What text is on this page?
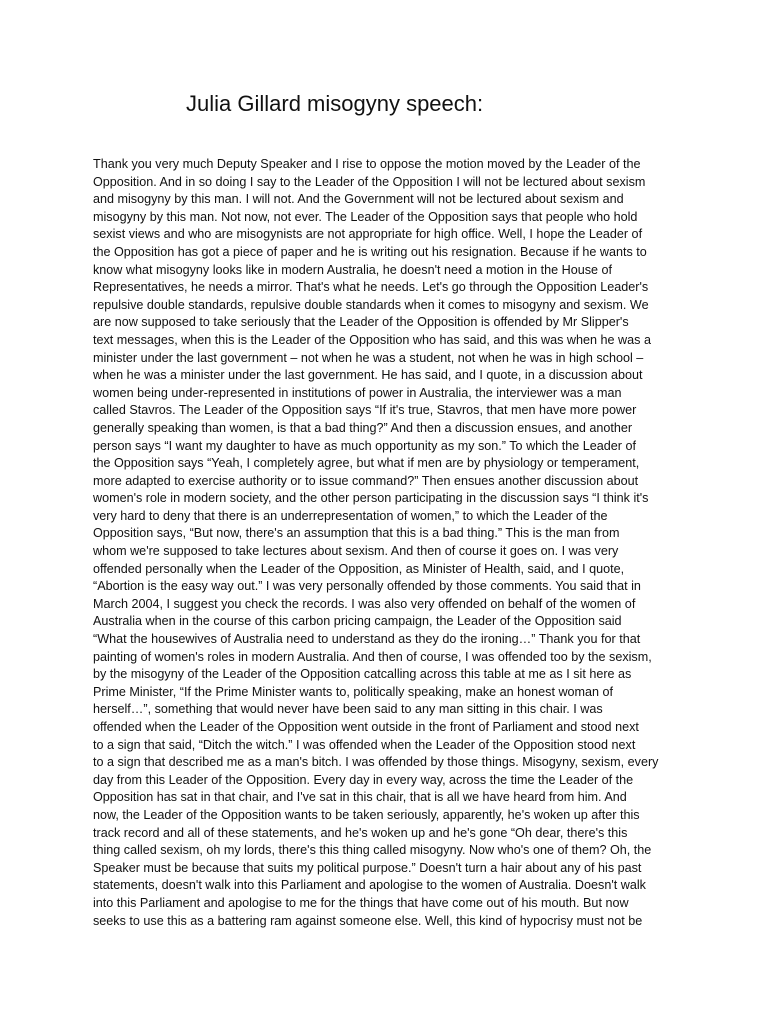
Julia Gillard misogyny speech:
Thank you very much Deputy Speaker and I rise to oppose the motion moved by the Leader of the
Opposition. And in so doing I say to the Leader of the Opposition I will not be lectured about sexism
and misogyny by this man. I will not. And the Government will not be lectured about sexism and
misogyny by this man. Not now, not ever. The Leader of the Opposition says that people who hold
sexist views and who are misogynists are not appropriate for high office. Well, I hope the Leader of
the Opposition has got a piece of paper and he is writing out his resignation. Because if he wants to
know what misogyny looks like in modern Australia, he doesn't need a motion in the House of
Representatives, he needs a mirror. That's what he needs. Let's go through the Opposition Leader's
repulsive double standards, repulsive double standards when it comes to misogyny and sexism. We
are now supposed to take seriously that the Leader of the Opposition is offended by Mr Slipper's
text messages, when this is the Leader of the Opposition who has said, and this was when he was a
minister under the last government – not when he was a student, not when he was in high school –
when he was a minister under the last government. He has said, and I quote, in a discussion about
women being under-represented in institutions of power in Australia, the interviewer was a man
called Stavros. The Leader of the Opposition says “If it's true, Stavros, that men have more power
generally speaking than women, is that a bad thing?” And then a discussion ensues, and another
person says “I want my daughter to have as much opportunity as my son.” To which the Leader of
the Opposition says “Yeah, I completely agree, but what if men are by physiology or temperament,
more adapted to exercise authority or to issue command?” Then ensues another discussion about
women's role in modern society, and the other person participating in the discussion says “I think it's
very hard to deny that there is an underrepresentation of women,” to which the Leader of the
Opposition says, “But now, there's an assumption that this is a bad thing.” This is the man from
whom we're supposed to take lectures about sexism. And then of course it goes on. I was very
offended personally when the Leader of the Opposition, as Minister of Health, said, and I quote,
“Abortion is the easy way out.” I was very personally offended by those comments. You said that in
March 2004, I suggest you check the records. I was also very offended on behalf of the women of
Australia when in the course of this carbon pricing campaign, the Leader of the Opposition said
“What the housewives of Australia need to understand as they do the ironing…” Thank you for that
painting of women's roles in modern Australia. And then of course, I was offended too by the sexism,
by the misogyny of the Leader of the Opposition catcalling across this table at me as I sit here as
Prime Minister, “If the Prime Minister wants to, politically speaking, make an honest woman of
herself…”, something that would never have been said to any man sitting in this chair. I was
offended when the Leader of the Opposition went outside in the front of Parliament and stood next
to a sign that said, “Ditch the witch.” I was offended when the Leader of the Opposition stood next
to a sign that described me as a man's bitch. I was offended by those things. Misogyny, sexism, every
day from this Leader of the Opposition. Every day in every way, across the time the Leader of the
Opposition has sat in that chair, and I've sat in this chair, that is all we have heard from him. And
now, the Leader of the Opposition wants to be taken seriously, apparently, he's woken up after this
track record and all of these statements, and he's woken up and he's gone “Oh dear, there's this
thing called sexism, oh my lords, there's this thing called misogyny. Now who's one of them? Oh, the
Speaker must be because that suits my political purpose.” Doesn't turn a hair about any of his past
statements, doesn't walk into this Parliament and apologise to the women of Australia. Doesn't walk
into this Parliament and apologise to me for the things that have come out of his mouth. But now
seeks to use this as a battering ram against someone else. Well, this kind of hypocrisy must not be
